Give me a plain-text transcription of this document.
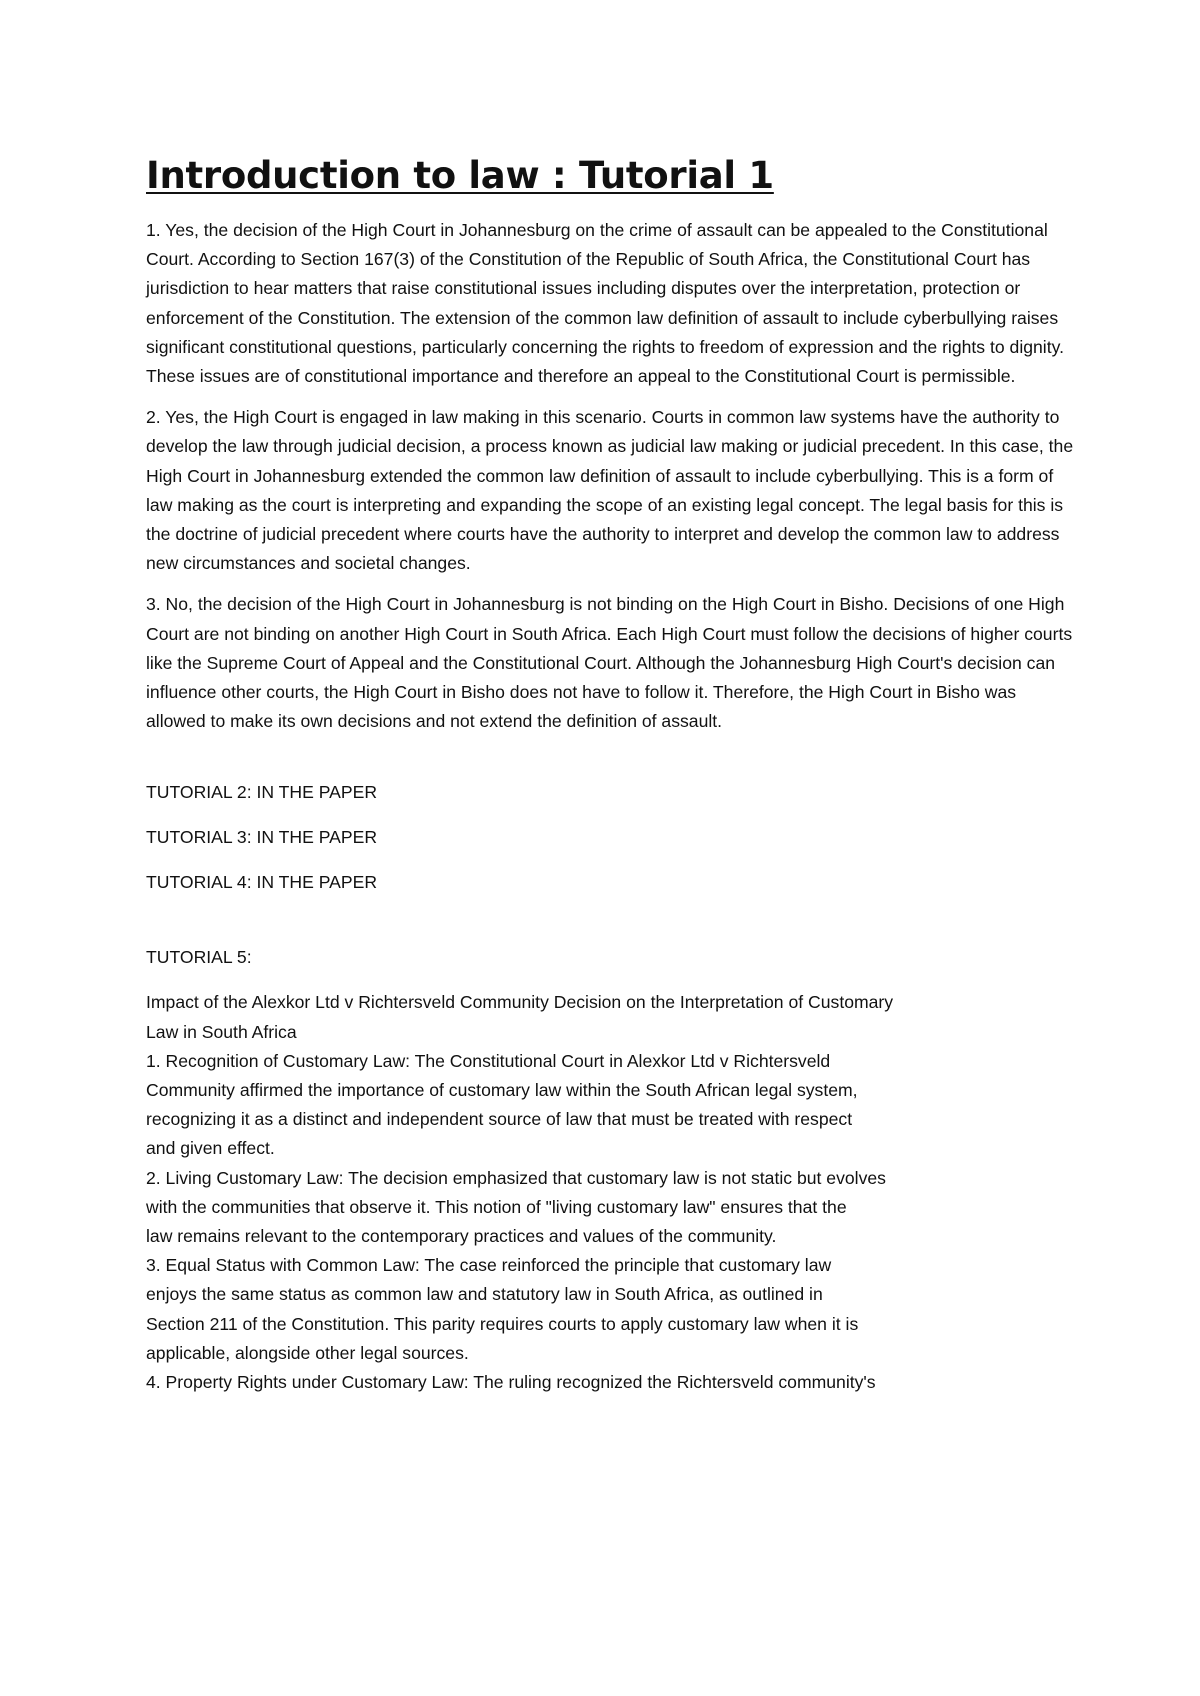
Introduction to law : Tutorial 1

1. Yes, the decision of the High Court in Johannesburg on the crime of assault can be appealed to the Constitutional Court. According to Section 167(3) of the Constitution of the Republic of South Africa, the Constitutional Court has jurisdiction to hear matters that raise constitutional issues including disputes over the interpretation, protection or enforcement of the Constitution. The extension of the common law definition of assault to include cyberbullying raises significant constitutional questions, particularly concerning the rights to freedom of expression and the rights to dignity. These issues are of constitutional importance and therefore an appeal to the Constitutional Court is permissible.

2. Yes, the High Court is engaged in law making in this scenario. Courts in common law systems have the authority to develop the law through judicial decision, a process known as judicial law making or judicial precedent. In this case, the High Court in Johannesburg extended the common law definition of assault to include cyberbullying. This is a form of law making as the court is interpreting and expanding the scope of an existing legal concept. The legal basis for this is the doctrine of judicial precedent where courts have the authority to interpret and develop the common law to address new circumstances and societal changes.

3. No, the decision of the High Court in Johannesburg is not binding on the High Court in Bisho. Decisions of one High Court are not binding on another High Court in South Africa. Each High Court must follow the decisions of higher courts like the Supreme Court of Appeal and the Constitutional Court. Although the Johannesburg High Court's decision can influence other courts, the High Court in Bisho does not have to follow it. Therefore, the High Court in Bisho was allowed to make its own decisions and not extend the definition of assault.

TUTORIAL 2: IN THE PAPER

TUTORIAL 3: IN THE PAPER

TUTORIAL 4: IN THE PAPER

TUTORIAL 5:

Impact of the Alexkor Ltd v Richtersveld Community Decision on the Interpretation of Customary
Law in South Africa
1. Recognition of Customary Law: The Constitutional Court in Alexkor Ltd v Richtersveld
Community affirmed the importance of customary law within the South African legal system,
recognizing it as a distinct and independent source of law that must be treated with respect
and given effect.
2. Living Customary Law: The decision emphasized that customary law is not static but evolves
with the communities that observe it. This notion of "living customary law" ensures that the
law remains relevant to the contemporary practices and values of the community.
3. Equal Status with Common Law: The case reinforced the principle that customary law
enjoys the same status as common law and statutory law in South Africa, as outlined in
Section 211 of the Constitution. This parity requires courts to apply customary law when it is
applicable, alongside other legal sources.
4. Property Rights under Customary Law: The ruling recognized the Richtersveld community's
